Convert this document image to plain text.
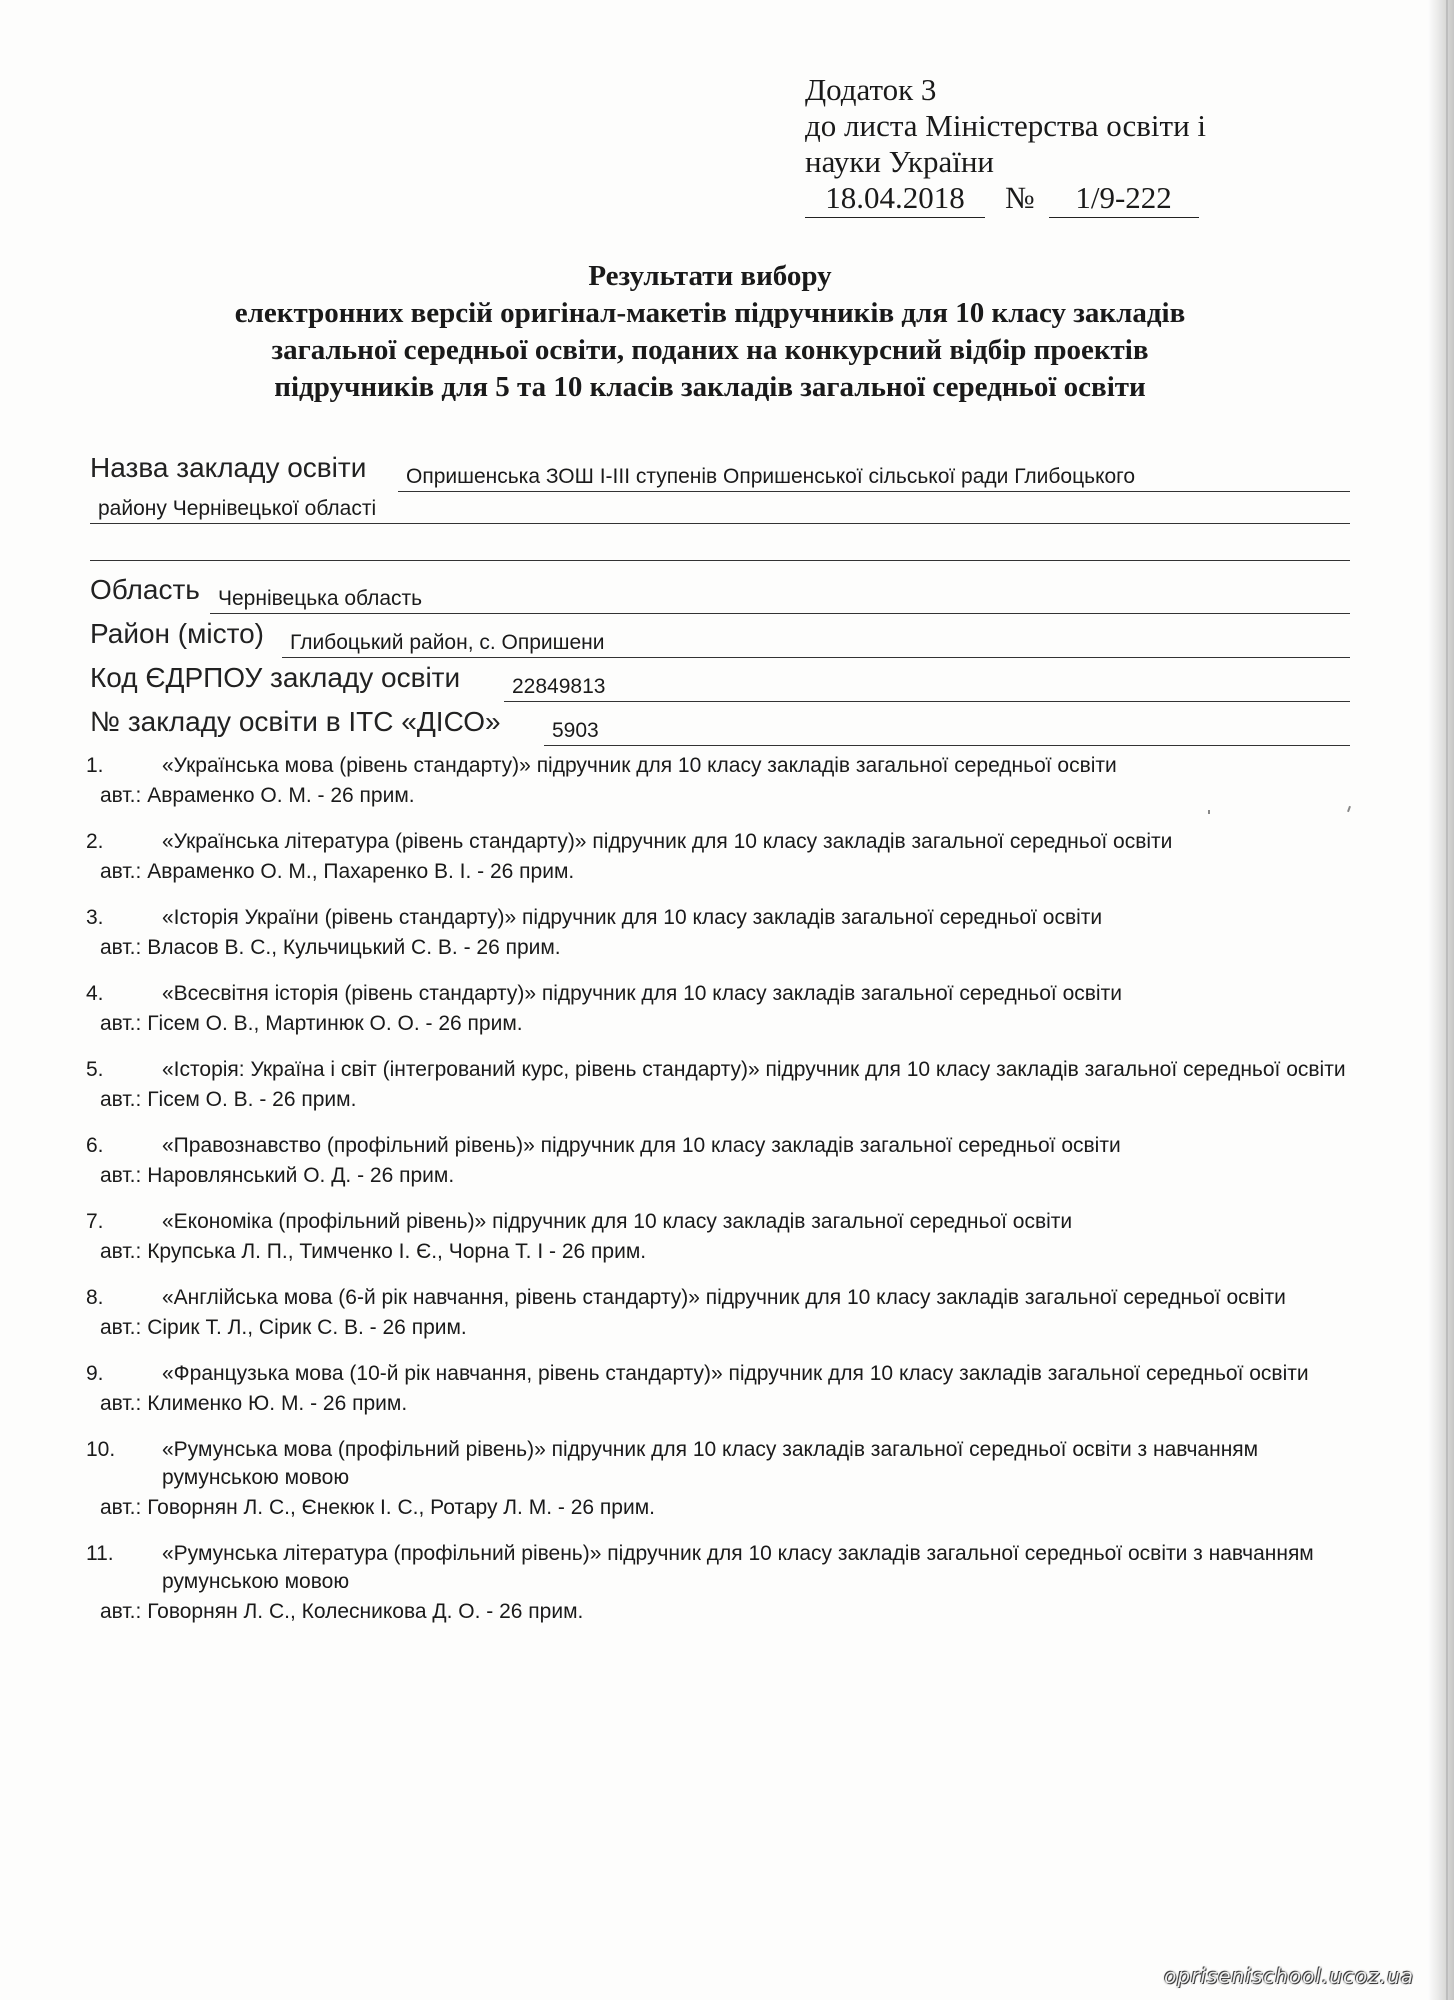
Додаток 3
до листа Міністерства освіти і
науки України
18.04.2018 № 1/9-222
Результати вибору
електронних версій оригінал-макетів підручників для 10 класу закладів
загальної середньої освіти, поданих на конкурсний відбір проектів
підручників для 5 та 10 класів закладів загальної середньої освіти
Назва закладу освіти	Опришенська ЗОШ І-ІІІ ступенів Опришенської сільської ради Глибоцького
району Чернівецької області
Область Чернівецька область
Район (місто)	Глибоцький район, с. Опришени
Код ЄДРПОУ закладу освіти	22849813
№ закладу освіти в ІТС «ДІСО»	5903
1.	«Українська мова (рівень стандарту)» підручник для 10 класу закладів загальної середньої освіти
авт.: Авраменко О. М. - 26 прим.
2.	«Українська література (рівень стандарту)» підручник для 10 класу закладів загальної середньої освіти
авт.: Авраменко О. М., Пахаренко В. І. - 26 прим.
3.	«Історія України (рівень стандарту)» підручник для 10 класу закладів загальної середньої освіти
авт.: Власов В. С., Кульчицький С. В. - 26 прим.
4.	«Всесвітня історія (рівень стандарту)» підручник для 10 класу закладів загальної середньої освіти
авт.: Гісем О. В., Мартинюк О. О. - 26 прим.
5.	«Історія: Україна і світ (інтегрований курс, рівень стандарту)» підручник для 10 класу закладів загальної середньої освіти
авт.: Гісем О. В. - 26 прим.
6.	«Правознавство (профільний рівень)» підручник для 10 класу закладів загальної середньої освіти
авт.: Наровлянський О. Д. - 26 прим.
7.	«Економіка (профільний рівень)» підручник для 10 класу закладів загальної середньої освіти
авт.: Крупська Л. П., Тимченко І. Є., Чорна Т. І - 26 прим.
8.	«Англійська мова (6-й рік навчання, рівень стандарту)» підручник для 10 класу закладів загальної середньої освіти
авт.: Сірик Т. Л., Сірик С. В. - 26 прим.
9.	«Французька мова (10-й рік навчання, рівень стандарту)» підручник для 10 класу закладів загальної середньої освіти
авт.: Клименко Ю. М. - 26 прим.
10.	«Румунська мова (профільний рівень)» підручник для 10 класу закладів загальної середньої освіти з навчанням румунською мовою
авт.: Говорнян Л. С., Єнекюк І. С., Ротару Л. М. - 26 прим.
11.	«Румунська література (профільний рівень)» підручник для 10 класу закладів загальної середньої освіти з навчанням румунською мовою
авт.: Говорнян Л. С., Колесникова Д. О. - 26 прим.
oprisenischool.ucoz.ua
